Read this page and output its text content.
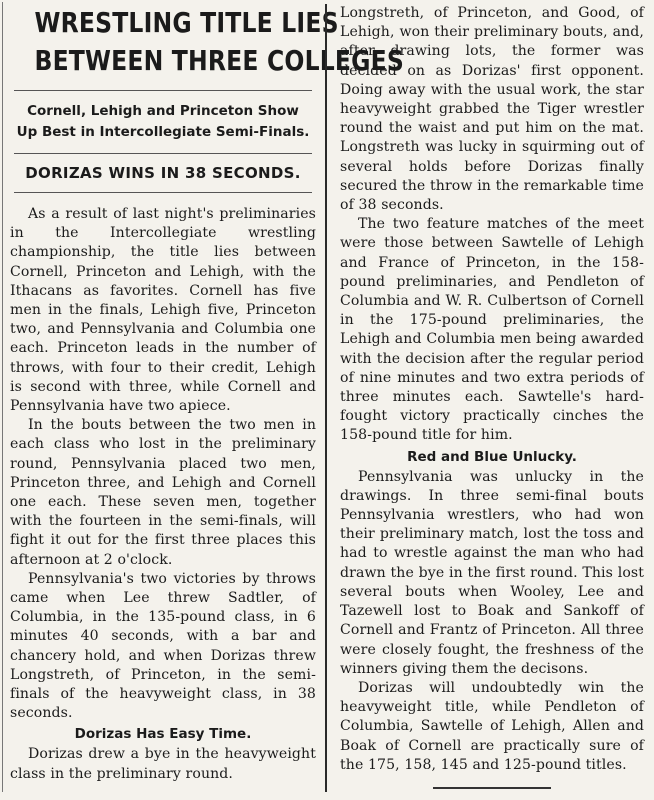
WRESTLING TITLE LIES
BETWEEN THREE COLLEGES
Cornell, Lehigh and Princeton Show Up Best in Intercollegiate Semi-Finals.
DORIZAS WINS IN 38 SECONDS.

As a result of last night's preliminaries in the Intercollegiate wrestling championship, the title lies between Cornell, Princeton and Lehigh, with the Ithacans as favorites. Cornell has five men in the finals, Lehigh five, Princeton two, and Pennsylvania and Columbia one each. Princeton leads in the number of throws, with four to their credit, Lehigh is second with three, while Cornell and Pennsylvania have two apiece.

In the bouts between the two men in each class who lost in the preliminary round, Pennsylvania placed two men, Princeton three, and Lehigh and Cornell one each. These seven men, together with the fourteen in the semi-finals, will fight it out for the first three places this afternoon at 2 o'clock.

Pennsylvania's two victories by throws came when Lee threw Sadtler, of Columbia, in the 135-pound class, in 6 minutes 40 seconds, with a bar and chancery hold, and when Dorizas threw Longstreth, of Princeton, in the semi-finals of the heavyweight class, in 38 seconds.

Dorizas Has Easy Time.

Dorizas drew a bye in the heavyweight class in the preliminary round.

Longstreth, of Princeton, and Good, of Lehigh, won their preliminary bouts, and, after drawing lots, the former was decided on as Dorizas' first opponent. Doing away with the usual work, the star heavyweight grabbed the Tiger wrestler round the waist and put him on the mat. Longstreth was lucky in squirming out of several holds before Dorizas finally secured the throw in the remarkable time of 38 seconds.

The two feature matches of the meet were those between Sawtelle of Lehigh and France of Princeton, in the 158-pound preliminaries, and Pendleton of Columbia and W. R. Culbertson of Cornell in the 175-pound preliminaries, the Lehigh and Columbia men being awarded with the decision after the regular period of nine minutes and two extra periods of three minutes each. Sawtelle's hard-fought victory practically cinches the 158-pound title for him.

Red and Blue Unlucky.

Pennsylvania was unlucky in the drawings. In three semi-final bouts Pennsylvania wrestlers, who had won their preliminary match, lost the toss and had to wrestle against the man who had drawn the bye in the first round. This lost several bouts when Wooley, Lee and Tazewell lost to Boak and Sankoff of Cornell and Frantz of Princeton. All three were closely fought, the freshness of the winners giving them the decisons.

Dorizas will undoubtedly win the heavyweight title, while Pendleton of Columbia, Sawtelle of Lehigh, Allen and Boak of Cornell are practically sure of the 175, 158, 145 and 125-pound titles.
